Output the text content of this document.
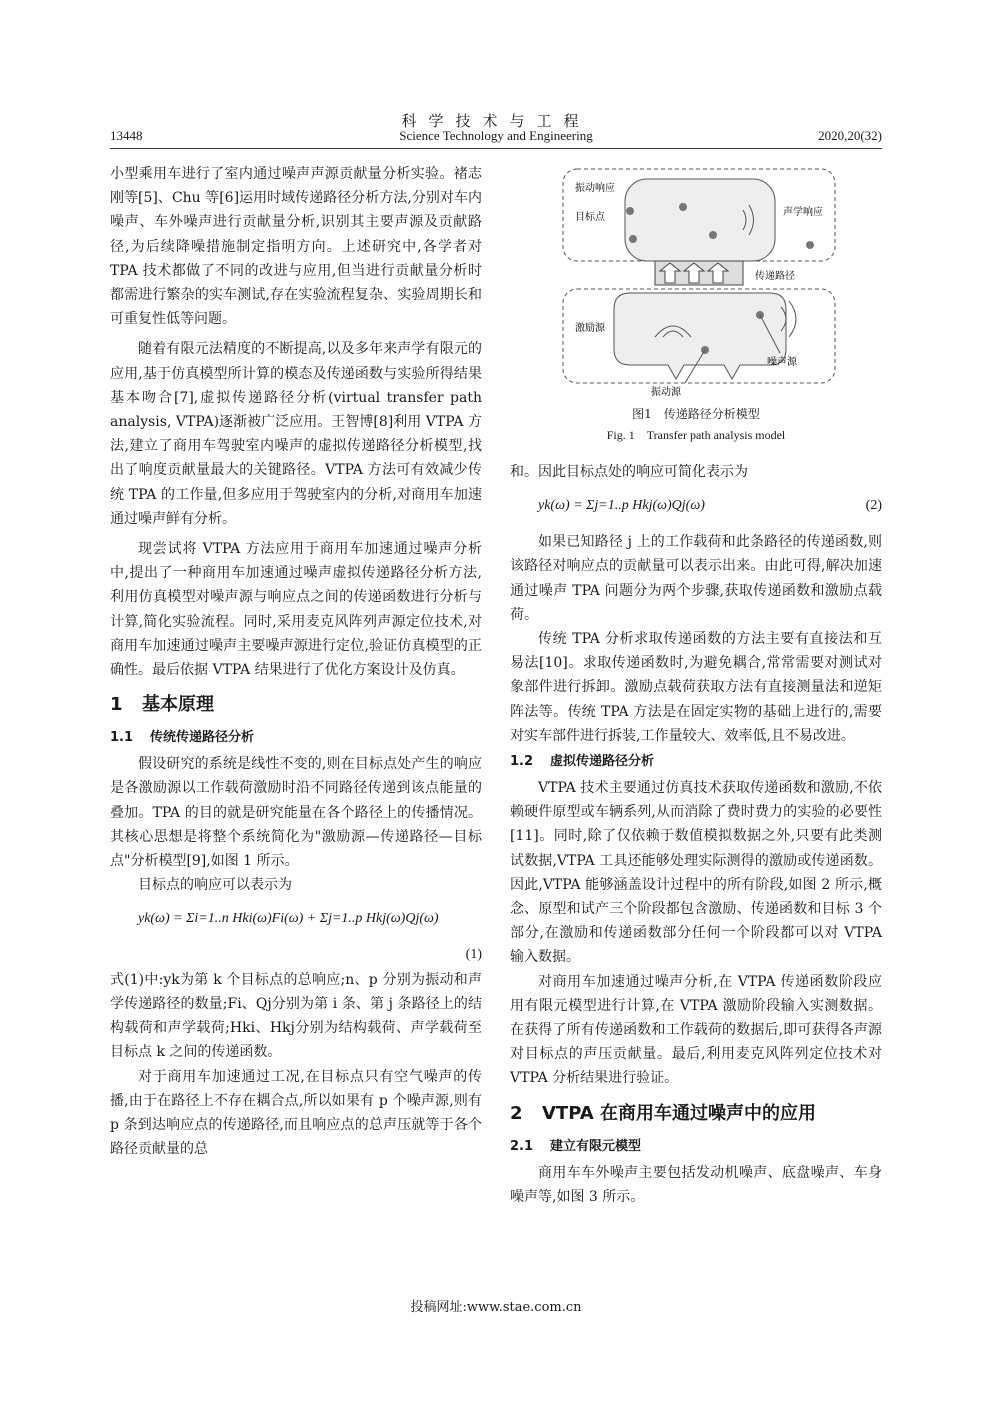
科学技术与工程
13448	Science Technology and Engineering	2020,20(32)

小型乘用车进行了室内通过噪声声源贡献量分析实验。褚志刚等[5]、Chu 等[6]运用时域传递路径分析方法,分别对车内噪声、车外噪声进行贡献量分析,识别其主要声源及贡献路径,为后续降噪措施制定指明方向。上述研究中,各学者对 TPA 技术都做了不同的改进与应用,但当进行贡献量分析时都需进行繁杂的实车测试,存在实验流程复杂、实验周期长和可重复性低等问题。

随着有限元法精度的不断提高,以及多年来声学有限元的应用,基于仿真模型所计算的模态及传递函数与实验所得结果基本吻合[7],虚拟传递路径分析(virtual transfer path analysis, VTPA)逐渐被广泛应用。王智博[8]利用 VTPA 方法,建立了商用车驾驶室内噪声的虚拟传递路径分析模型,找出了响度贡献量最大的关键路径。VTPA 方法可有效减少传统 TPA 的工作量,但多应用于驾驶室内的分析,对商用车加速通过噪声鲜有分析。

现尝试将 VTPA 方法应用于商用车加速通过噪声分析中,提出了一种商用车加速通过噪声虚拟传递路径分析方法,利用仿真模型对噪声源与响应点之间的传递函数进行分析与计算,简化实验流程。同时,采用麦克风阵列声源定位技术,对商用车加速通过噪声主要噪声源进行定位,验证仿真模型的正确性。最后依据 VTPA 结果进行了优化方案设计及仿真。

1 基本原理
1.1 传统传递路径分析

假设研究的系统是线性不变的,则在目标点处产生的响应是各激励源以工作载荷激励时沿不同路径传递到该点能量的叠加。TPA 的目的就是研究能量在各个路径上的传播情况。其核心思想是将整个系统简化为"激励源—传递路径—目标点"分析模型[9],如图 1 所示。

目标点的响应可以表示为

yk(ω) = Σi=1..n Hki(ω)Fi(ω) + Σj=1..p Hkj(ω)Qj(ω)
(1)

式(1)中:yk为第 k 个目标点的总响应;n、p 分别为振动和声学传递路径的数量;Fi、Qj分别为第 i 条、第 j 条路径上的结构载荷和声学载荷;Hki、Hkj分别为结构载荷、声学载荷至目标点 k 之间的传递函数。

对于商用车加速通过工况,在目标点只有空气噪声的传播,由于在路径上不存在耦合点,所以如果有 p 个噪声源,则有 p 条到达响应点的传递路径,而且响应点的总声压就等于各个路径贡献量的总

振动响应
目标点	声学响应
传递路径
激励源
噪声源
振动源
图1　传递路径分析模型
Fig. 1　Transfer path analysis model

和。因此目标点处的响应可简化表示为

yk(ω) = Σj=1..p Hkj(ω)Qj(ω)	(2)

如果已知路径 j 上的工作载荷和此条路径的传递函数,则该路径对响应点的贡献量可以表示出来。由此可得,解决加速通过噪声 TPA 问题分为两个步骤,获取传递函数和激励点载荷。

传统 TPA 分析求取传递函数的方法主要有直接法和互易法[10]。求取传递函数时,为避免耦合,常常需要对测试对象部件进行拆卸。激励点载荷获取方法有直接测量法和逆矩阵法等。传统 TPA 方法是在固定实物的基础上进行的,需要对实车部件进行拆装,工作量较大、效率低,且不易改进。

1.2 虚拟传递路径分析

VTPA 技术主要通过仿真技术获取传递函数和激励,不依赖硬件原型或车辆系列,从而消除了费时费力的实验的必要性[11]。同时,除了仅依赖于数值模拟数据之外,只要有此类测试数据,VTPA 工具还能够处理实际测得的激励或传递函数。因此,VTPA 能够涵盖设计过程中的所有阶段,如图 2 所示,概念、原型和试产三个阶段都包含激励、传递函数和目标 3 个部分,在激励和传递函数部分任何一个阶段都可以对 VTPA 输入数据。

对商用车加速通过噪声分析,在 VTPA 传递函数阶段应用有限元模型进行计算,在 VTPA 激励阶段输入实测数据。在获得了所有传递函数和工作载荷的数据后,即可获得各声源对目标点的声压贡献量。最后,利用麦克风阵列定位技术对 VTPA 分析结果进行验证。

2 VTPA 在商用车通过噪声中的应用
2.1 建立有限元模型

商用车车外噪声主要包括发动机噪声、底盘噪声、车身噪声等,如图 3 所示。

投稿网址:www.stae.com.cn
